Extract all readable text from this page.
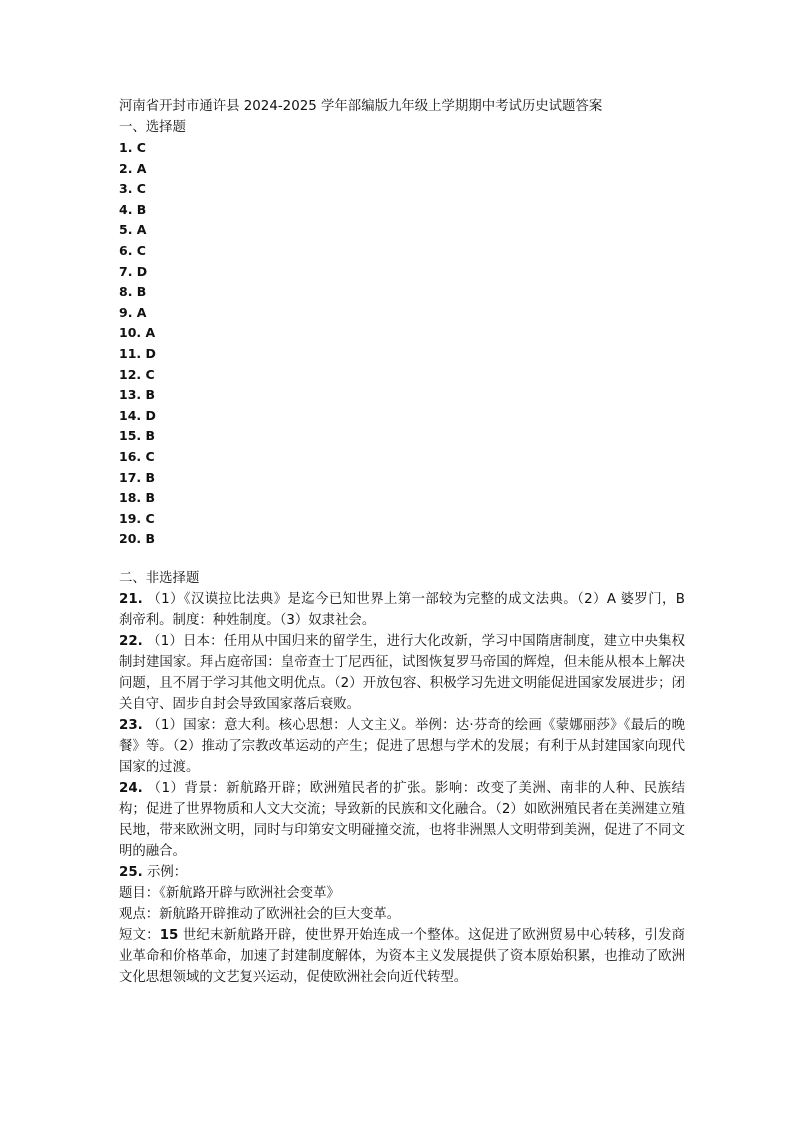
河南省开封市通许县 2024-2025 学年部编版九年级上学期期中考试历史试题答案
一、选择题
1. C
2. A
3. C
4. B
5. A
6. C
7. D
8. B
9. A
10. A
11. D
12. C
13. B
14. D
15. B
16. C
17. B
18. B
19. C
20. B
二、非选择题
21. （1）《汉谟拉比法典》是迄今已知世界上第一部较为完整的成文法典。（2）A 婆罗门，B 刹帝利。制度：种姓制度。（3）奴隶社会。
22. （1）日本：任用从中国归来的留学生，进行大化改新，学习中国隋唐制度，建立中央集权制封建国家。拜占庭帝国：皇帝查士丁尼西征，试图恢复罗马帝国的辉煌，但未能从根本上解决问题，且不屑于学习其他文明优点。（2）开放包容、积极学习先进文明能促进国家发展进步；闭关自守、固步自封会导致国家落后衰败。
23. （1）国家：意大利。核心思想：人文主义。举例：达·芬奇的绘画《蒙娜丽莎》《最后的晚餐》等。（2）推动了宗教改革运动的产生；促进了思想与学术的发展；有利于从封建国家向现代国家的过渡。
24. （1）背景：新航路开辟；欧洲殖民者的扩张。影响：改变了美洲、南非的人种、民族结构；促进了世界物质和人文大交流；导致新的民族和文化融合。（2）如欧洲殖民者在美洲建立殖民地，带来欧洲文明，同时与印第安文明碰撞交流，也将非洲黑人文明带到美洲，促进了不同文明的融合。
25. 示例：
题目：《新航路开辟与欧洲社会变革》
观点：新航路开辟推动了欧洲社会的巨大变革。
短文：15 世纪末新航路开辟，使世界开始连成一个整体。这促进了欧洲贸易中心转移，引发商业革命和价格革命，加速了封建制度解体，为资本主义发展提供了资本原始积累，也推动了欧洲文化思想领域的文艺复兴运动，促使欧洲社会向近代转型。
